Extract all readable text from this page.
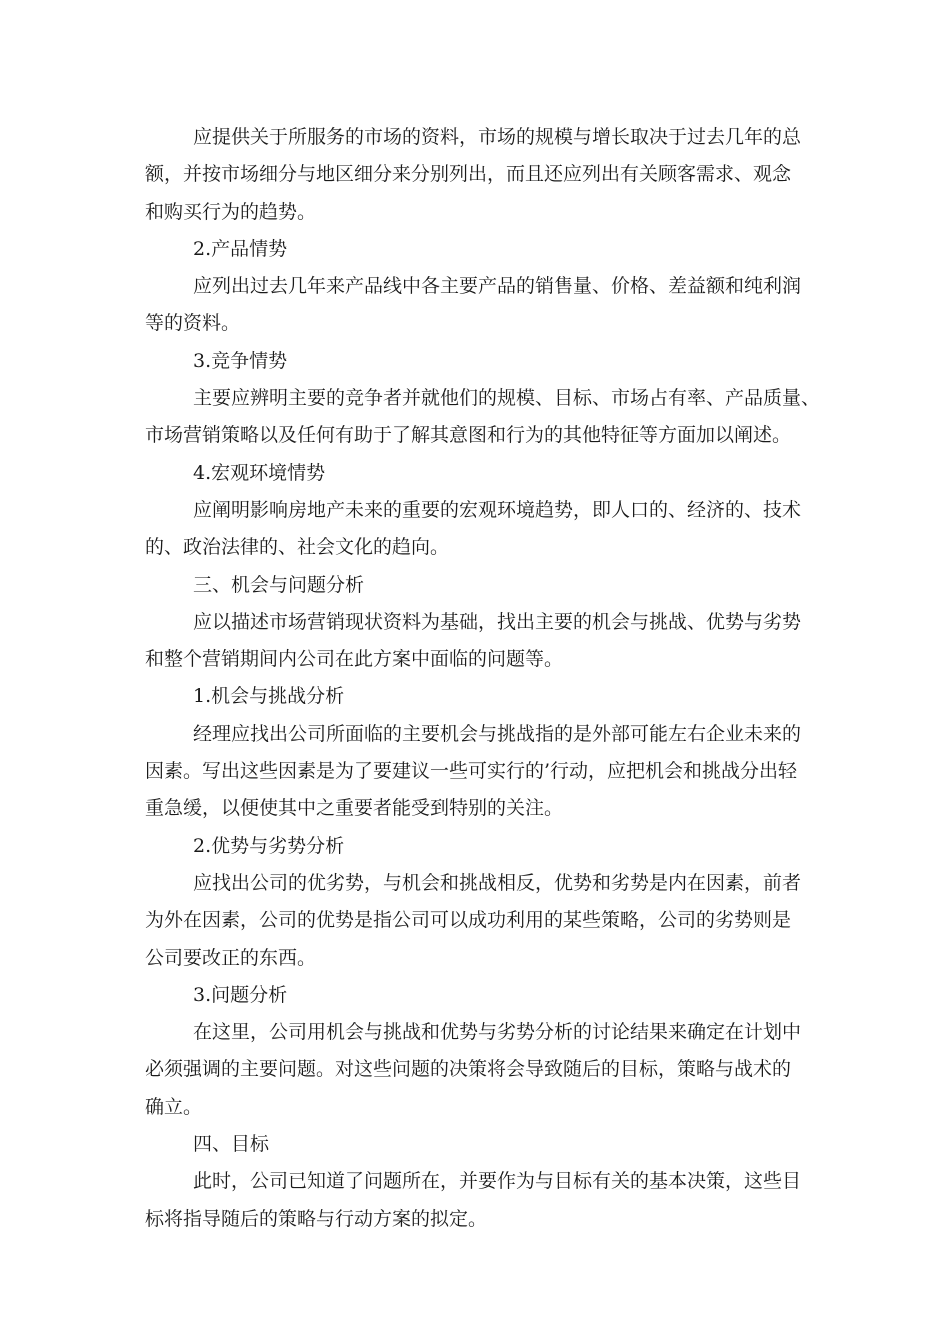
应提供关于所服务的市场的资料，市场的规模与增长取决于过去几年的总
额，并按市场细分与地区细分来分别列出，而且还应列出有关顾客需求、观念
和购买行为的趋势。
2.产品情势
应列出过去几年来产品线中各主要产品的销售量、价格、差益额和纯利润
等的资料。
3.竞争情势
主要应辨明主要的竞争者并就他们的规模、目标、市场占有率、产品质量、
市场营销策略以及任何有助于了解其意图和行为的其他特征等方面加以阐述。
4.宏观环境情势
应阐明影响房地产未来的重要的宏观环境趋势，即人口的、经济的、技术
的、政治法律的、社会文化的趋向。
三、机会与问题分析
应以描述市场营销现状资料为基础，找出主要的机会与挑战、优势与劣势
和整个营销期间内公司在此方案中面临的问题等。
1.机会与挑战分析
经理应找出公司所面临的主要机会与挑战指的是外部可能左右企业未来的
因素。写出这些因素是为了要建议一些可实行的’行动，应把机会和挑战分出轻
重急缓，以便使其中之重要者能受到特别的关注。
2.优势与劣势分析
应找出公司的优劣势，与机会和挑战相反，优势和劣势是内在因素，前者
为外在因素，公司的优势是指公司可以成功利用的某些策略，公司的劣势则是
公司要改正的东西。
3.问题分析
在这里，公司用机会与挑战和优势与劣势分析的讨论结果来确定在计划中
必须强调的主要问题。对这些问题的决策将会导致随后的目标，策略与战术的
确立。
四、目标
此时，公司已知道了问题所在，并要作为与目标有关的基本决策，这些目
标将指导随后的策略与行动方案的拟定。
